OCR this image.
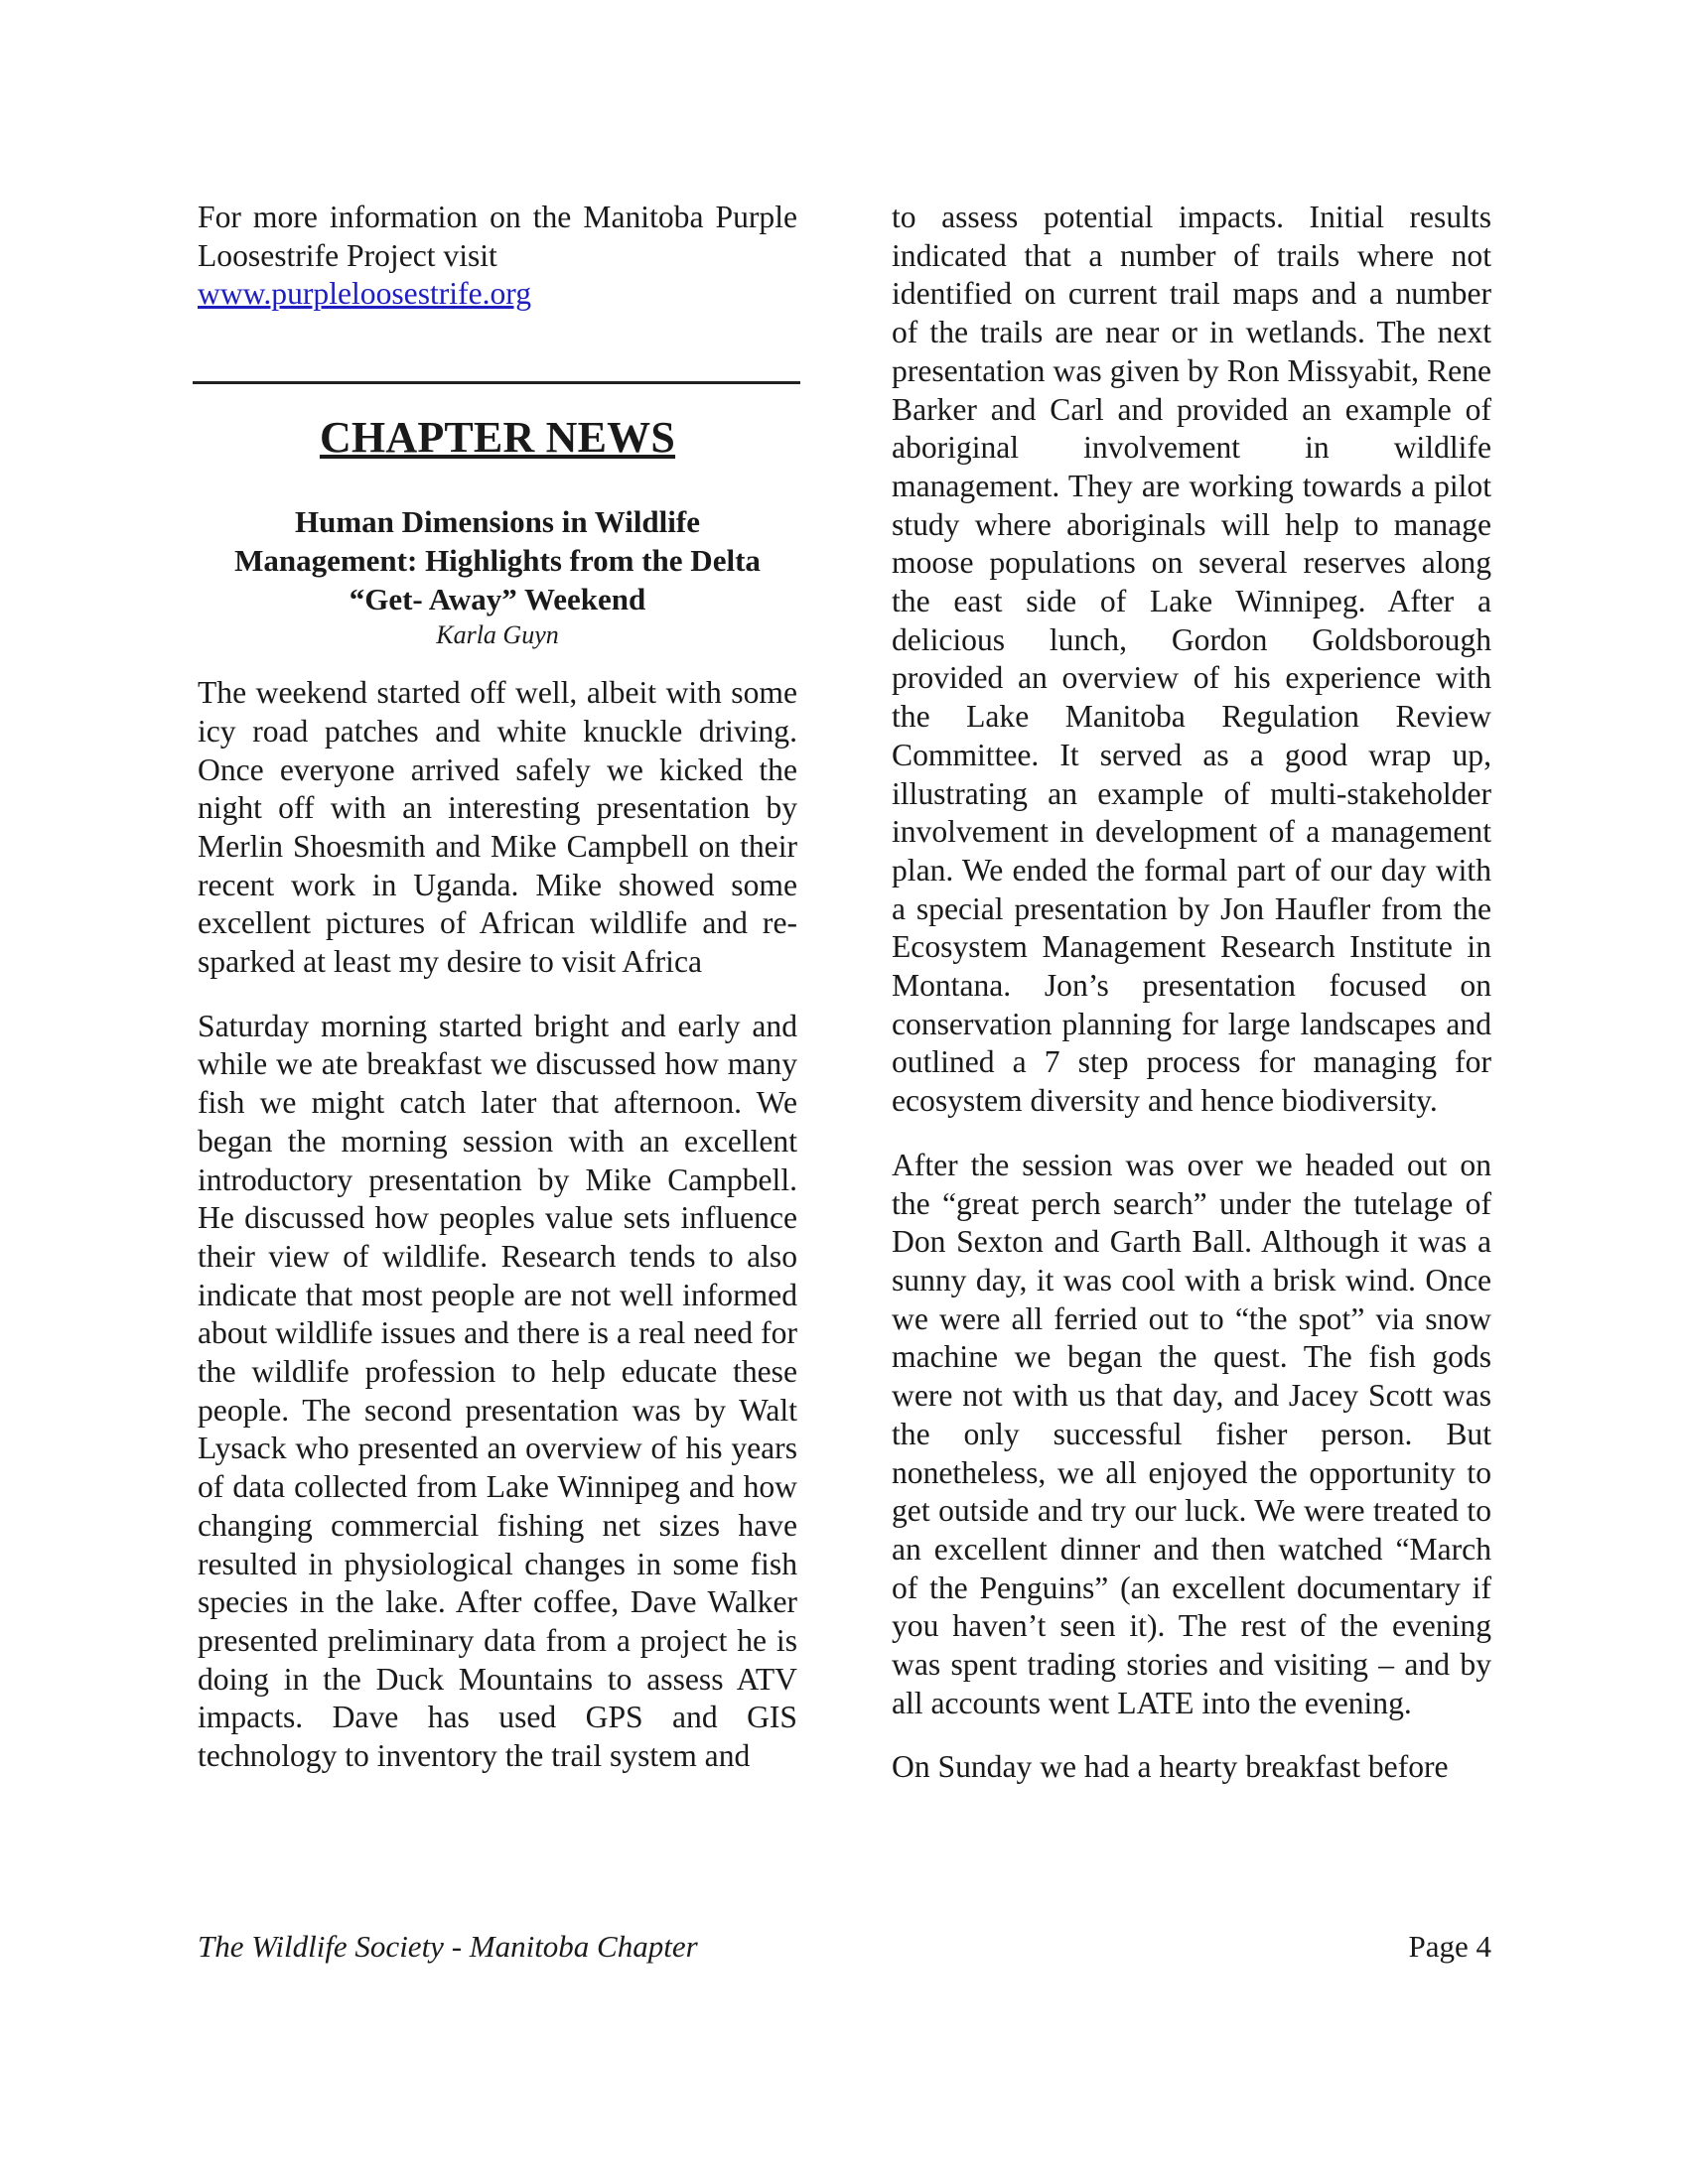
For more information on the Manitoba Purple Loosestrife Project visit
www.purpleloosestrife.org

CHAPTER NEWS
Human Dimensions in Wildlife
Management: Highlights from the Delta
“Get- Away” Weekend
Karla Guyn

The weekend started off well, albeit with some icy road patches and white knuckle driving. Once everyone arrived safely we kicked the night off with an interesting presentation by Merlin Shoesmith and Mike Campbell on their recent work in Uganda. Mike showed some excellent pictures of African wildlife and re-sparked at least my desire to visit Africa

Saturday morning started bright and early and while we ate breakfast we discussed how many fish we might catch later that afternoon. We began the morning session with an excellent introductory presentation by Mike Campbell. He discussed how peoples value sets influence their view of wildlife. Research tends to also indicate that most people are not well informed about wildlife issues and there is a real need for the wildlife profession to help educate these people. The second presentation was by Walt Lysack who presented an overview of his years of data collected from Lake Winnipeg and how changing commercial fishing net sizes have resulted in physiological changes in some fish species in the lake. After coffee, Dave Walker presented preliminary data from a project he is doing in the Duck Mountains to assess ATV impacts. Dave has used GPS and GIS technology to inventory the trail system and

to assess potential impacts. Initial results indicated that a number of trails where not identified on current trail maps and a number of the trails are near or in wetlands. The next presentation was given by Ron Missyabit, Rene Barker and Carl and provided an example of aboriginal involvement in wildlife management. They are working towards a pilot study where aboriginals will help to manage moose populations on several reserves along the east side of Lake Winnipeg. After a delicious lunch, Gordon Goldsborough provided an overview of his experience with the Lake Manitoba Regulation Review Committee. It served as a good wrap up, illustrating an example of multi-stakeholder involvement in development of a management plan. We ended the formal part of our day with a special presentation by Jon Haufler from the Ecosystem Management Research Institute in Montana. Jon’s presentation focused on conservation planning for large landscapes and outlined a 7 step process for managing for ecosystem diversity and hence biodiversity.

After the session was over we headed out on the “great perch search” under the tutelage of Don Sexton and Garth Ball. Although it was a sunny day, it was cool with a brisk wind. Once we were all ferried out to “the spot” via snow machine we began the quest. The fish gods were not with us that day, and Jacey Scott was the only successful fisher person. But nonetheless, we all enjoyed the opportunity to get outside and try our luck. We were treated to an excellent dinner and then watched “March of the Penguins” (an excellent documentary if you haven’t seen it). The rest of the evening was spent trading stories and visiting – and by all accounts went LATE into the evening.

On Sunday we had a hearty breakfast before

The Wildlife Society - Manitoba Chapter	Page 4
